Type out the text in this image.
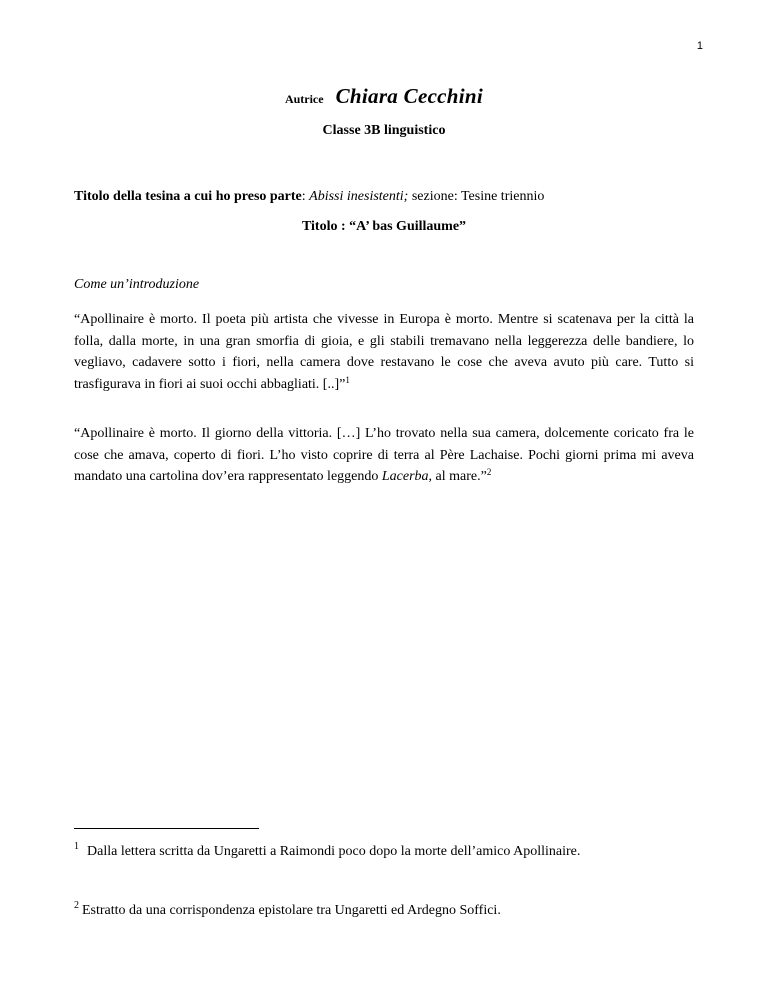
1
Autrice Chiara Cecchini
Classe 3B linguistico
Titolo della tesina a cui ho preso parte: Abissi inesistenti; sezione: Tesine triennio
Titolo : “A’ bas Guillaume”
Come un’introduzione
“Apollinaire è morto. Il poeta più artista che vivesse in Europa è morto. Mentre si scatenava per la città la folla, dalla morte, in una gran smorfia di gioia, e gli stabili tremavano nella leggerezza delle bandiere, lo vegliavo, cadavere sotto i fiori, nella camera dove restavano le cose che aveva avuto più care. Tutto si trasfigurava in fiori ai suoi occhi abbagliati. [..]”$^1$
“Apollinaire è morto. Il giorno della vittoria. […] L’ho trovato nella sua camera, dolcemente coricato fra le cose che amava, coperto di fiori. L’ho visto coprire di terra al Père Lachaise. Pochi giorni prima mi aveva mandato una cartolina dov’era rappresentato leggendo Lacerba, al mare.”$^2$
$^1$ Dalla lettera scritta da Ungaretti a Raimondi poco dopo la morte dell’amico Apollinaire.
$^2$ Estratto da una corrispondenza epistolare tra Ungaretti ed Ardegno Soffici.
